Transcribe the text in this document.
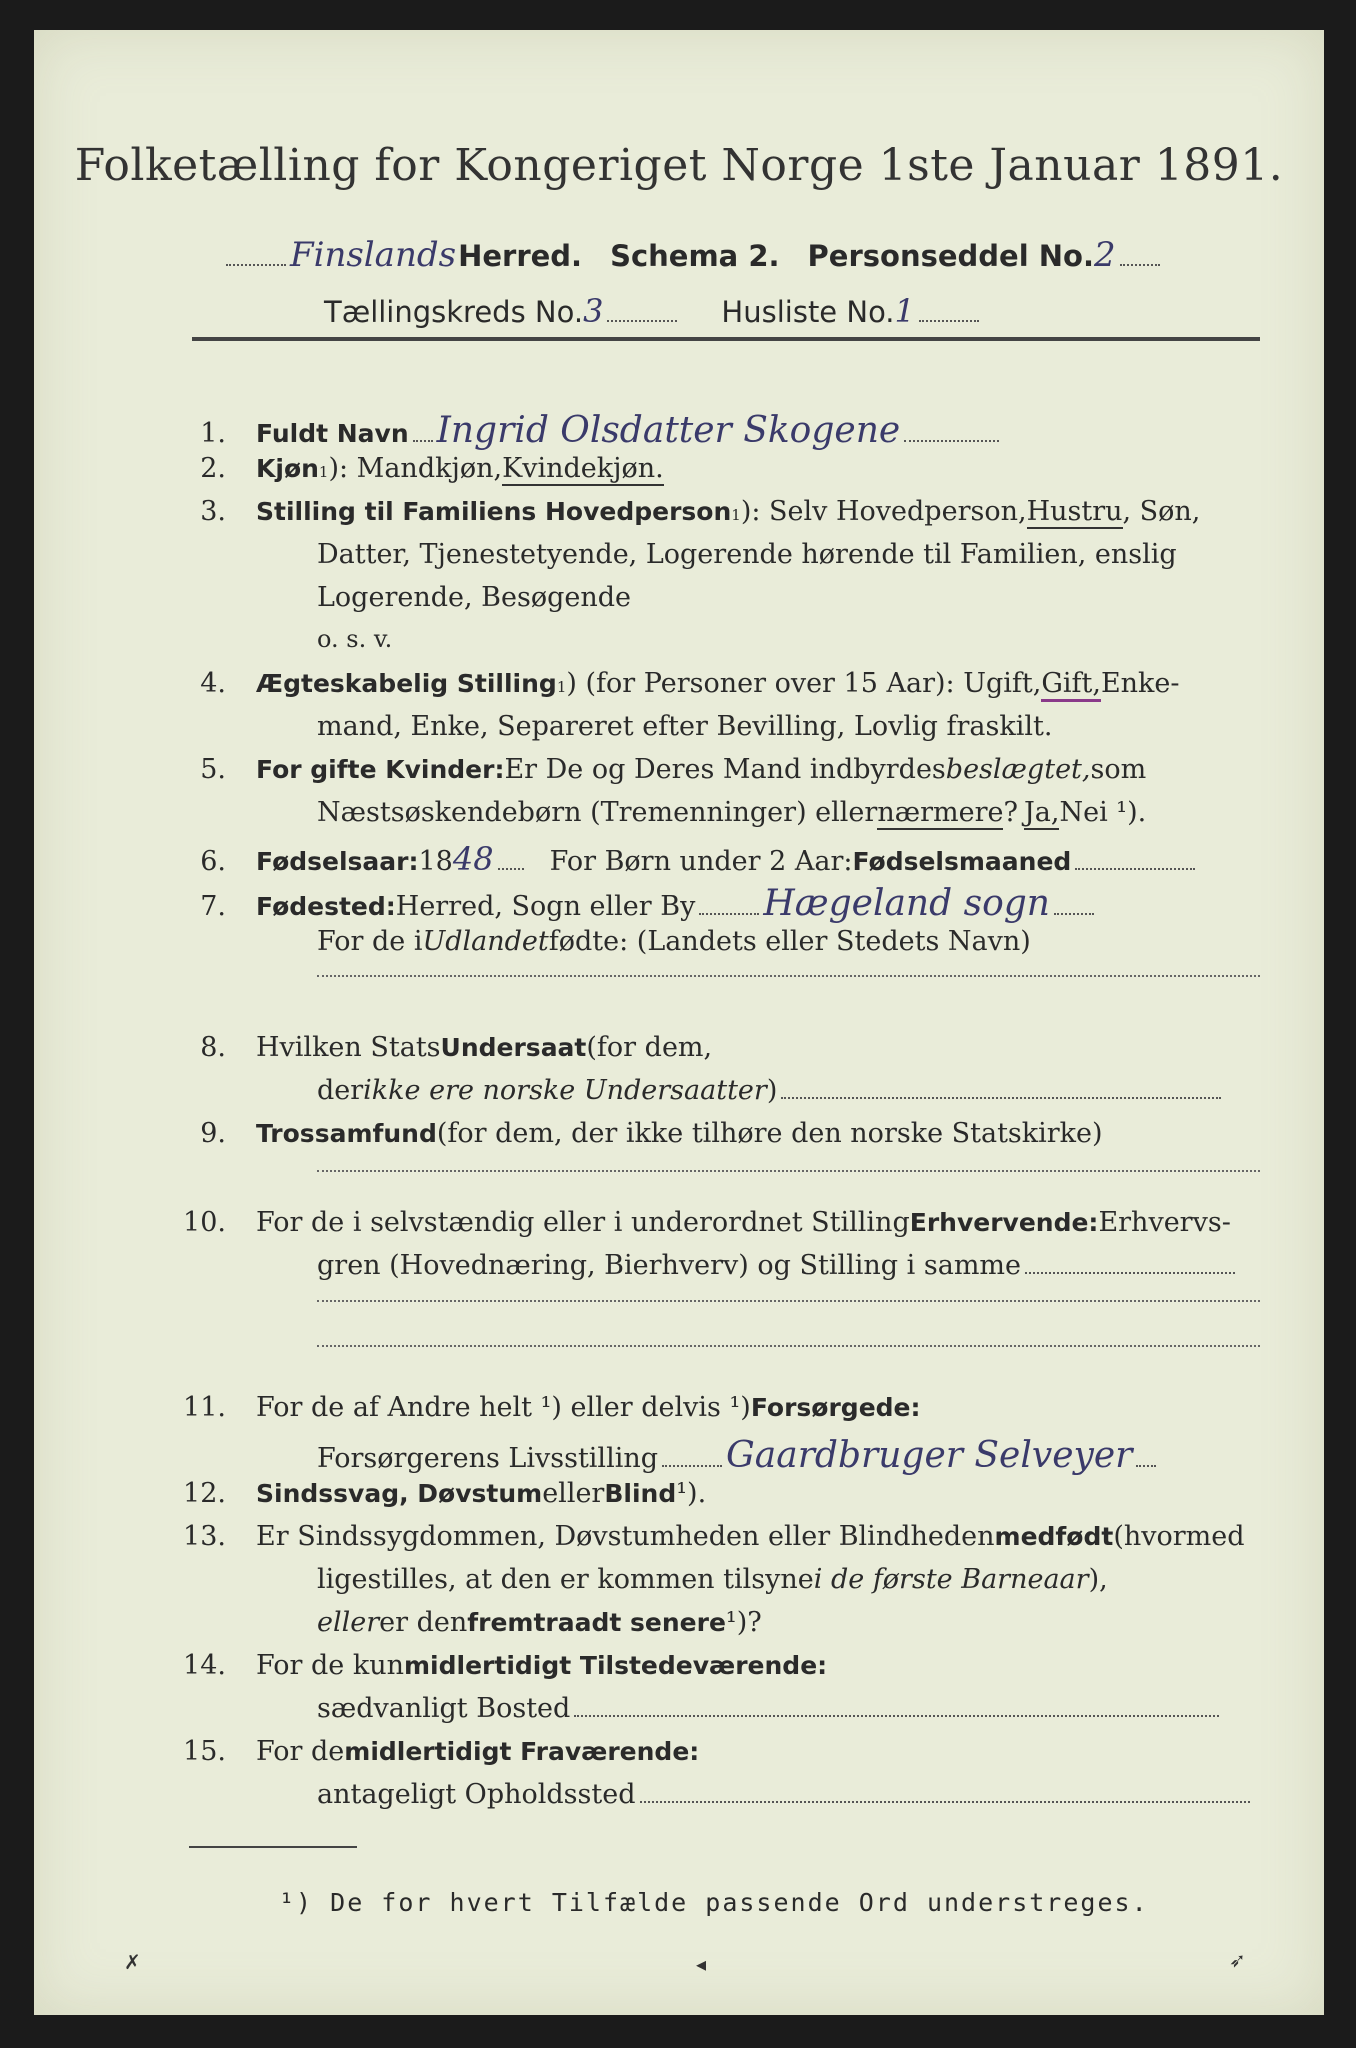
Folketælling for Kongeriget Norge 1ste Januar 1891.
Finslands Herred. Schema 2. Personseddel No. 2
Tællingskreds No. 3	Husliste No. 1
1. Fuldt Navn Ingrid Olsdatter Skogene
2. Kjøn 1 ): Mandkjøn, Kvindekjøn.
3. Stilling til Familiens Hovedperson 1 ): Selv Hovedperson, Hustru , Søn,
Datter, Tjenestetyende, Logerende hørende til Familien, enslig
Logerende, Besøgende
o. s. v.
4. Ægteskabelig Stilling 1 ) (for Personer over 15 Aar): Ugift, Gift, Enke-
mand, Enke, Separeret efter Bevilling, Lovlig fraskilt.
5. For gifte Kvinder: Er De og Deres Mand indbyrdes beslægtet, som
Næstsøskendebørn (Tremenninger) eller nærmere ? Ja, Nei ¹).
6. Fødselsaar: 18 48 For Børn under 2 Aar: Fødselsmaaned
7. Fødested: Herred, Sogn eller By Hægeland sogn
For de i Udlandet fødte: (Landets eller Stedets Navn)
8. Hvilken Stats Undersaat (for dem,
der ikke ere norske Undersaatter )
9. Trossamfund (for dem, der ikke tilhøre den norske Statskirke)
10. For de i selvstændig eller i underordnet Stilling Erhvervende: Erhvervs-
gren (Hovednæring, Bierhverv) og Stilling i samme
11. For de af Andre helt ¹) eller delvis ¹) Forsørgede:
Forsørgerens Livsstilling Gaardbruger Selveyer
12. Sindssvag, Døvstum eller Blind ¹).
13. Er Sindssygdommen, Døvstumheden eller Blindheden medfødt (hvormed
ligestilles, at den er kommen tilsyne i de første Barneaar ),
eller er den fremtraadt senere ¹)?
14. For de kun midlertidigt Tilstedeværende:
sædvanligt Bosted
15. For de midlertidigt Fraværende:
antageligt Opholdssted
¹) De for hvert Tilfælde passende Ord understreges.
✗	◂	➶
